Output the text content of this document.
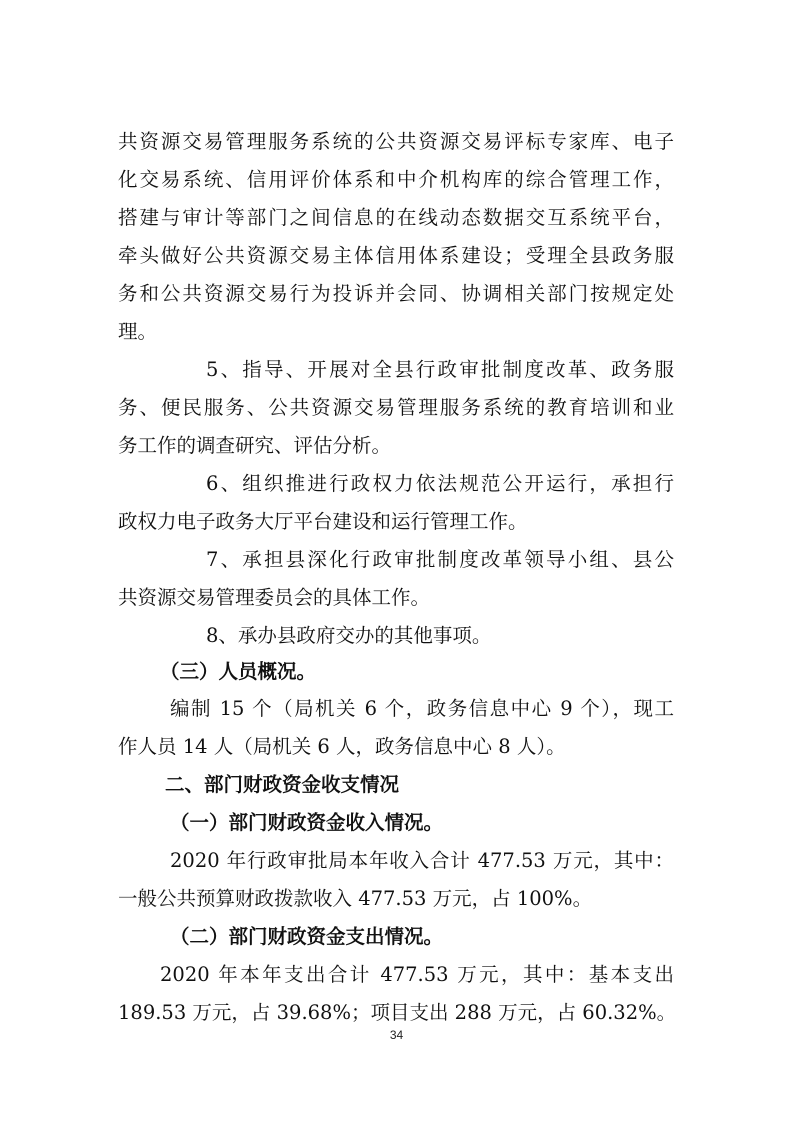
共资源交易管理服务系统的公共资源交易评标专家库、电子

化交易系统、信用评价体系和中介机构库的综合管理工作，

搭建与审计等部门之间信息的在线动态数据交互系统平台，

牵头做好公共资源交易主体信用体系建设；受理全县政务服

务和公共资源交易行为投诉并会同、协调相关部门按规定处

理。

5、指导、开展对全县行政审批制度改革、政务服

务、便民服务、公共资源交易管理服务系统的教育培训和业

务工作的调查研究、评估分析。

6、组织推进行政权力依法规范公开运行，承担行

政权力电子政务大厅平台建设和运行管理工作。

7、承担县深化行政审批制度改革领导小组、县公

共资源交易管理委员会的具体工作。

8、承办县政府交办的其他事项。

（三）人员概况。

编制 15 个（局机关 6 个，政务信息中心 9 个），现工

作人员 14 人（局机关 6 人，政务信息中心 8 人）。

二、部门财政资金收支情况

（一）部门财政资金收入情况。

2020 年行政审批局本年收入合计 477.53 万元，其中：

一般公共预算财政拨款收入 477.53 万元，占 100%。

（二）部门财政资金支出情况。

2020 年本年支出合计 477.53 万元，其中：基本支出

189.53 万元，占 39.68%；项目支出 288 万元，占 60.32%。

34
